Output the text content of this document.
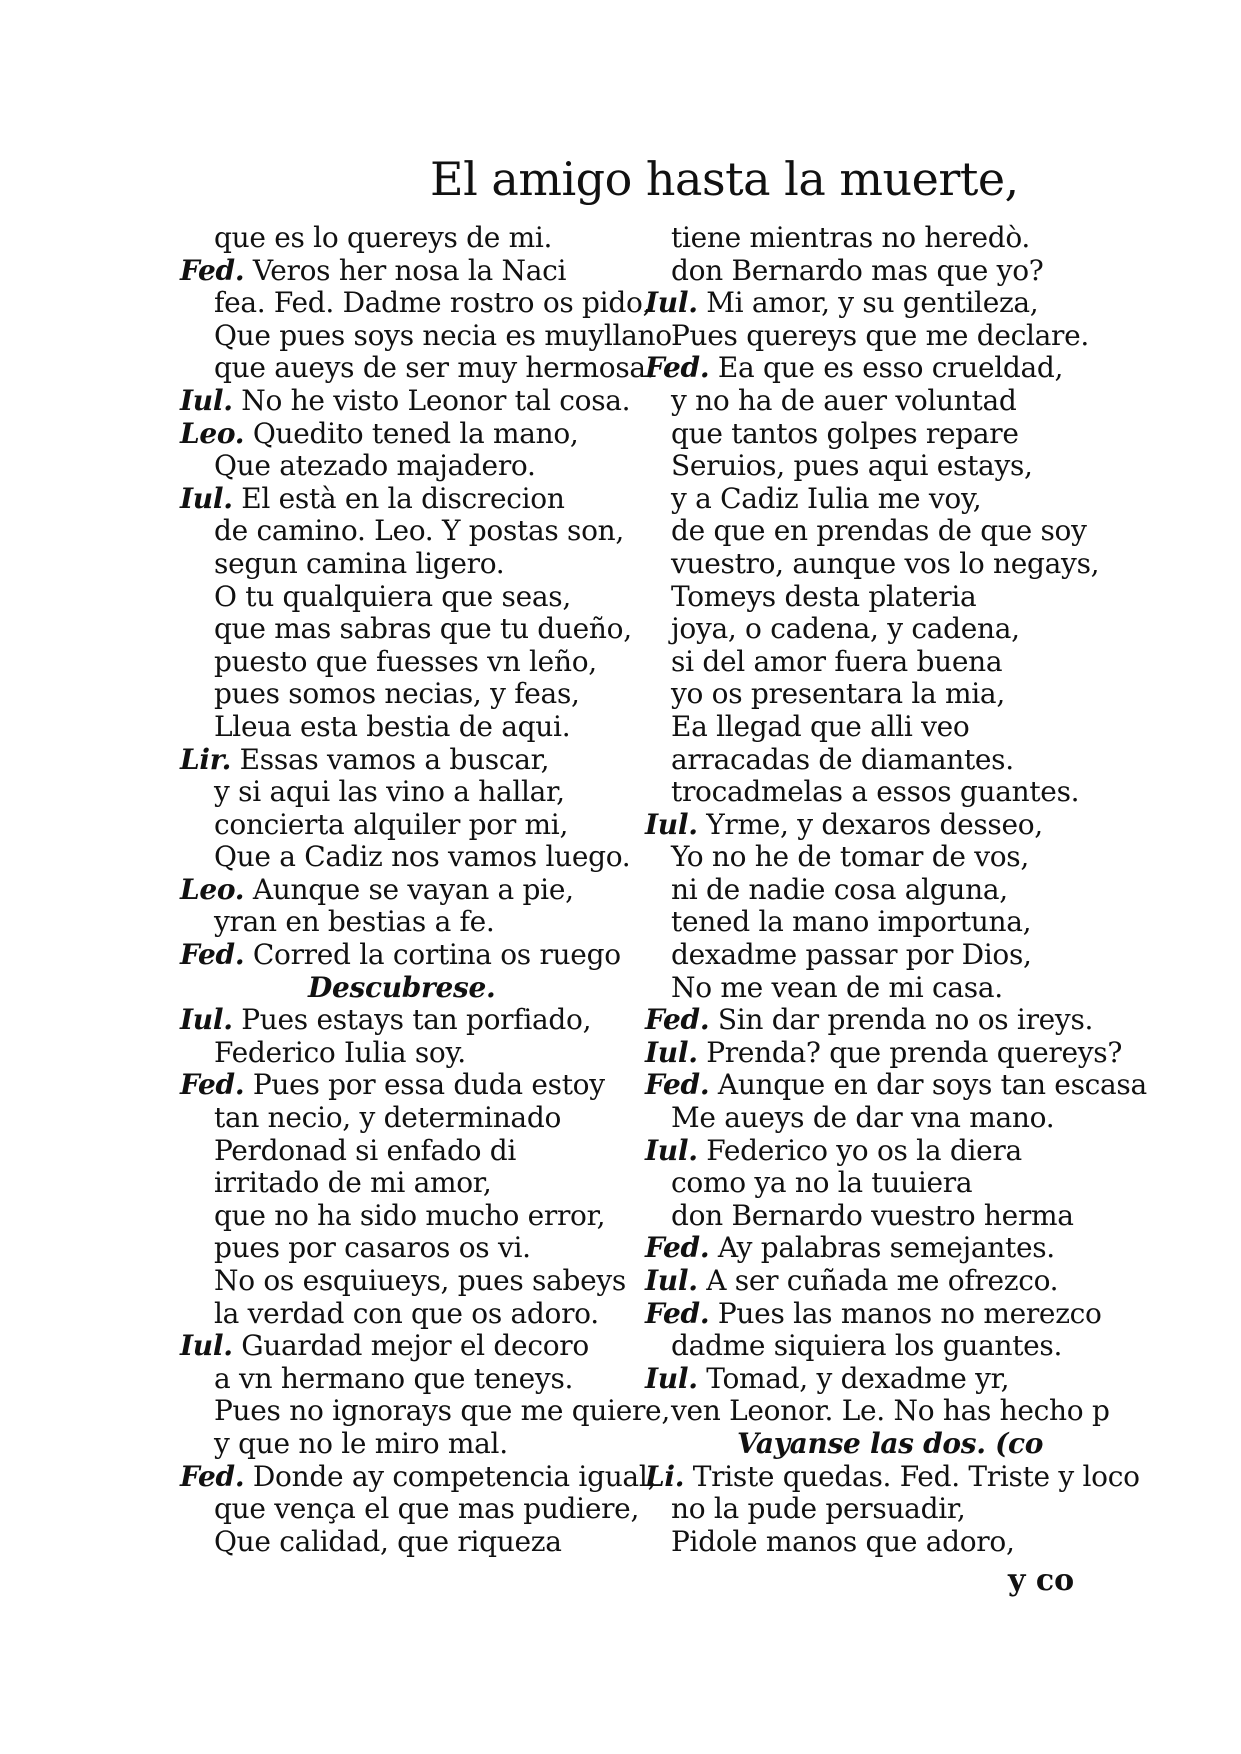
El amigo hasta la muerte,
que es lo quereys de mi.
Fed. Veros her nosa la Naci
fea. Fed. Dadme rostro os pido,
Que pues soys necia es muyllano
que aueys de ser muy hermosa.
Iul. No he visto Leonor tal cosa.
Leo. Quedito tened la mano,
Que atezado majadero.
Iul. El està en la discrecion
de camino. Leo. Y postas son,
segun camina ligero.
O tu qualquiera que seas,
que mas sabras que tu dueño,
puesto que fuesses vn leño,
pues somos necias, y feas,
Lleua esta bestia de aqui.
Lir. Essas vamos a buscar,
y si aqui las vino a hallar,
concierta alquiler por mi,
Que a Cadiz nos vamos luego.
Leo. Aunque se vayan a pie,
yran en bestias a fe.
Fed. Corred la cortina os ruego
Descubrese.
Iul. Pues estays tan porfiado,
Federico Iulia soy.
Fed. Pues por essa duda estoy
tan necio, y determinado
Perdonad si enfado di
irritado de mi amor,
que no ha sido mucho error,
pues por casaros os vi.
No os esquiueys, pues sabeys
la verdad con que os adoro.
Iul. Guardad mejor el decoro
a vn hermano que teneys.
Pues no ignorays que me quiere,
y que no le miro mal.
Fed. Donde ay competencia igual,
que vença el que mas pudiere,
Que calidad, que riqueza
tiene mientras no heredò.
don Bernardo mas que yo?
Iul. Mi amor, y su gentileza,
Pues quereys que me declare.
Fed. Ea que es esso crueldad,
y no ha de auer voluntad
que tantos golpes repare
Seruios, pues aqui estays,
y a Cadiz Iulia me voy,
de que en prendas de que soy
vuestro, aunque vos lo negays,
Tomeys desta plateria
joya, o cadena, y cadena,
si del amor fuera buena
yo os presentara la mia,
Ea llegad que alli veo
arracadas de diamantes.
trocadmelas a essos guantes.
Iul. Yrme, y dexaros desseo,
Yo no he de tomar de vos,
ni de nadie cosa alguna,
tened la mano importuna,
dexadme passar por Dios,
No me vean de mi casa.
Fed. Sin dar prenda no os ireys.
Iul. Prenda? que prenda quereys?
Fed. Aunque en dar soys tan escasa
Me aueys de dar vna mano.
Iul. Federico yo os la diera
como ya no la tuuiera
don Bernardo vuestro herma
Fed. Ay palabras semejantes.
Iul. A ser cuñada me ofrezco.
Fed. Pues las manos no merezco
dadme siquiera los guantes.
Iul. Tomad, y dexadme yr,
ven Leonor. Le. No has hecho p
Vayanse las dos. (co
Li. Triste quedas. Fed. Triste y loco
no la pude persuadir,
Pidole manos que adoro,
y co
